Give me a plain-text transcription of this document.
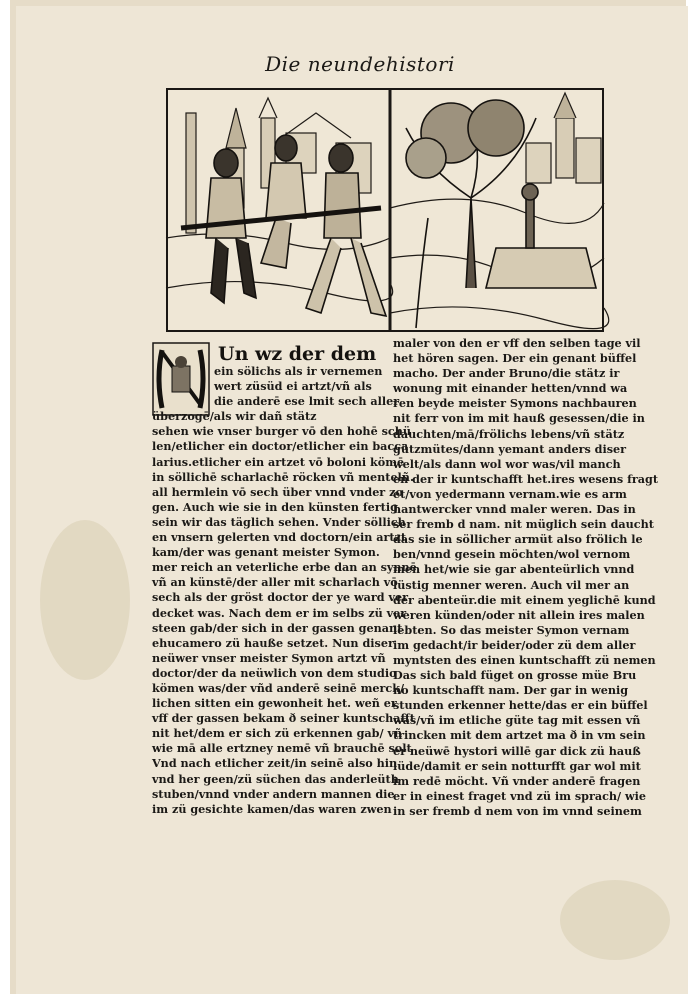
Die neundehistori
Un wz der dem
ein sölichs als ir vernemen
wert züsüd ei artzt/vñ als
die anderē ese lmit sech aller
überzogē/als wir dañ stätz
sehen wie vnser burger vō den hohē schü
len/etlicher ein doctor/etlicher ein bacca
larius.etlicher ein artzet vō boloni kömē
in söllichē scharlachē röcken vñ mentelñ.
all hermlein vō sech über vnnd vnder zo
gen. Auch wie sie in den künsten fertig
sein wir das täglich sehen. Vnder söllich
en vnsern gelerten vnd doctorn/ein artzt
kam/der was genant meister Symon.
mer reich an veterliche erbe dan an synnē
vñ an künstē/der aller mit scharlach vō
sech als der gröst doctor der ye ward ver
decket was. Nach dem er im selbs zü ver
steen gab/der sich in der gassen genant
ehucamero zü hauße setzet. Nun diser
neüwer vnser meister Symon artzt vñ
doctor/der da neüwlich von dem studio
kömen was/der vñd anderē seinē merck/
lichen sitten ein gewonheit het. weñ er
vff der gassen bekam ð seiner kuntschafft
nit het/dem er sich zü erkennen gab/ vñ
wie mā alle ertzney nemē vñ brauchē solt
Vnd nach etlicher zeit/in seinē also hin
vnd her geen/zü süchen das anderleüth
stuben/vnnd vnder andern mannen die
im zü gesichte kamen/das waren zwen
maler von den er vff den selben tage vil
het hören sagen. Der ein genant büffel
macho. Der ander Bruno/die stätz ir
wonung mit einander hetten/vnnd wa
ren beyde meister Symons nachbauren
nit ferr von im mit hauß gesessen/die in
dauchten/mā/frölichs lebens/vñ stätz
gützmütes/dann yemant anders diser
welt/als dann wol wor was/vil manch
en der ir kuntschafft het.ires wesens fragt
et/von yedermann vernam.wie es arm
hantwercker vnnd maler weren. Das in
ser fremb d nam. nit müglich sein daucht
das sie in söllicher armüt also frölich le
ben/vnnd gesein möchten/wol vernom
men het/wie sie gar abenteürlich vnnd
lüstig menner weren. Auch vil mer an
der abenteür.die mit einem yeglichē kund
weren künden/oder nit allein ires malen
lebten. So das meister Symon vernam
im gedacht/ir beider/oder zü dem aller
myntsten des einen kuntschafft zü nemen
Das sich bald füget on grosse müe Bru
no kuntschafft nam. Der gar in wenig
stunden erkenner hette/das er ein büffel
was/vñ im etliche güte tag mit essen vñ
trincken mit dem artzet ma ð in vm sein
er neüwē hystori willē gar dick zü hauß
lüde/damit er sein notturfft gar wol mit
im redē möcht. Vñ vnder anderē fragen
er in einest fraget vnd zü im sprach/ wie
in ser fremb d nem von im vnnd seinem
